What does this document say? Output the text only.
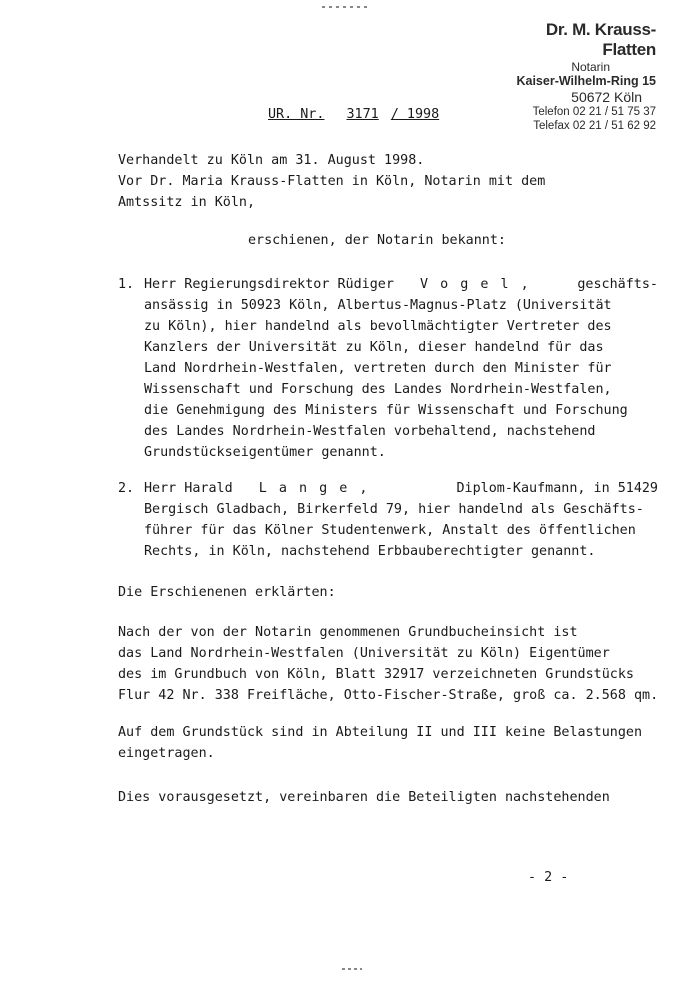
Dr. M. Krauss-Flatten
Notarin
Kaiser-Wilhelm-Ring 15
50672 Köln
Telefon 02 21 / 51 75 37
Telefax 02 21 / 51 62 92
UR. Nr. 3171 / 1998
Verhandelt zu Köln am 31. August 1998.
Vor Dr. Maria Krauss-Flatten in Köln, Notarin mit dem
Amtssitz in Köln,
erschienen, der Notarin bekannt:
1. Herr Regierungsdirektor Rüdiger Vogel,	geschäfts-
ansässig in 50923 Köln, Albertus-Magnus-Platz (Universität
zu Köln), hier handelnd als bevollmächtigter Vertreter des
Kanzlers der Universität zu Köln, dieser handelnd für das
Land Nordrhein-Westfalen, vertreten durch den Minister für
Wissenschaft und Forschung des Landes Nordrhein-Westfalen,
die Genehmigung des Ministers für Wissenschaft und Forschung
des Landes Nordrhein-Westfalen vorbehaltend, nachstehend
Grundstückseigentümer genannt.
2. Herr Harald Lange,	Diplom-Kaufmann, in 51429
Bergisch Gladbach, Birkerfeld 79, hier handelnd als Geschäfts-
führer für das Kölner Studentenwerk, Anstalt des öffentlichen
Rechts, in Köln, nachstehend Erbbauberechtigter genannt.
Die Erschienenen erklärten:
Nach der von der Notarin genommenen Grundbucheinsicht ist
das Land Nordrhein-Westfalen (Universität zu Köln) Eigentümer
des im Grundbuch von Köln, Blatt 32917 verzeichneten Grundstücks
Flur 42 Nr. 338 Freifläche, Otto-Fischer-Straße, groß ca. 2.568 qm.
Auf dem Grundstück sind in Abteilung II und III keine Belastungen
eingetragen.
Dies vorausgesetzt, vereinbaren die Beteiligten nachstehenden
- 2 -
